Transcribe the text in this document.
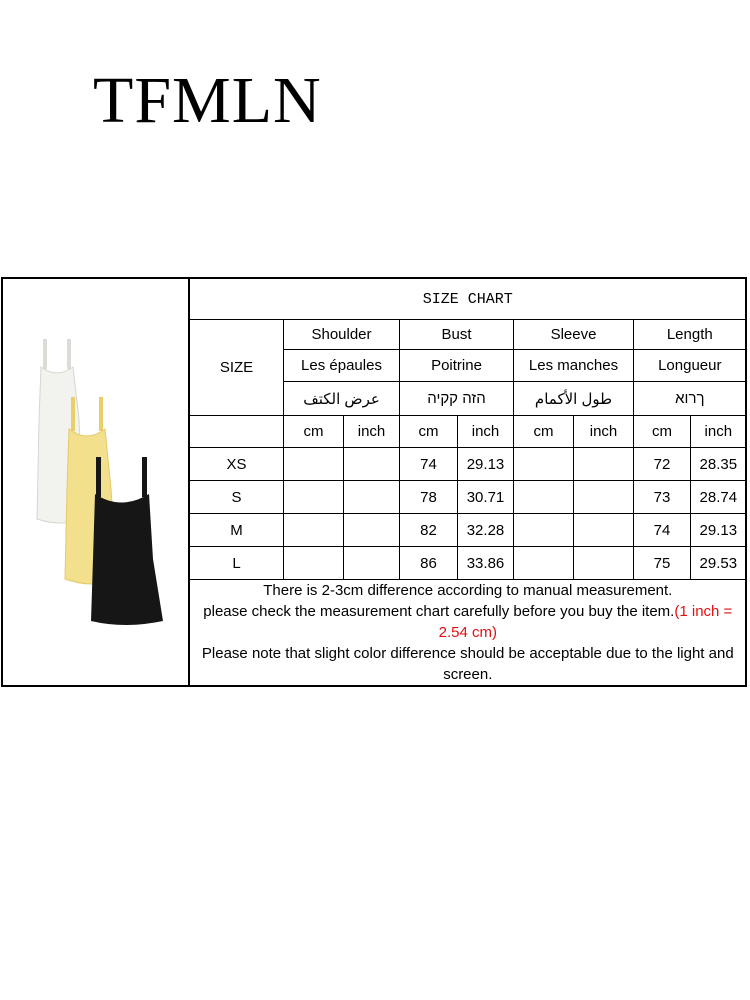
TFMLN
SIZE CHART								
SIZE	Shoulder		Bust		Sleeve		Length	
	Les épaules		Poitrine		Les manches		Longueur	
	عرض الكتف		הזה קקיה		طول الأكمام		ךרוא	
	cm	inch	cm	inch	cm	inch	cm	inch
XS			74	29.13			72	28.35
S			78	30.71			73	28.74
M			82	32.28			74	29.13
L			86	33.86			75	29.53

There is 2-3cm difference according to manual measurement.
please check the measurement chart carefully before you buy the item.(1 inch = 2.54 cm)
Please note that slight color difference should be acceptable due to the light and screen.								
